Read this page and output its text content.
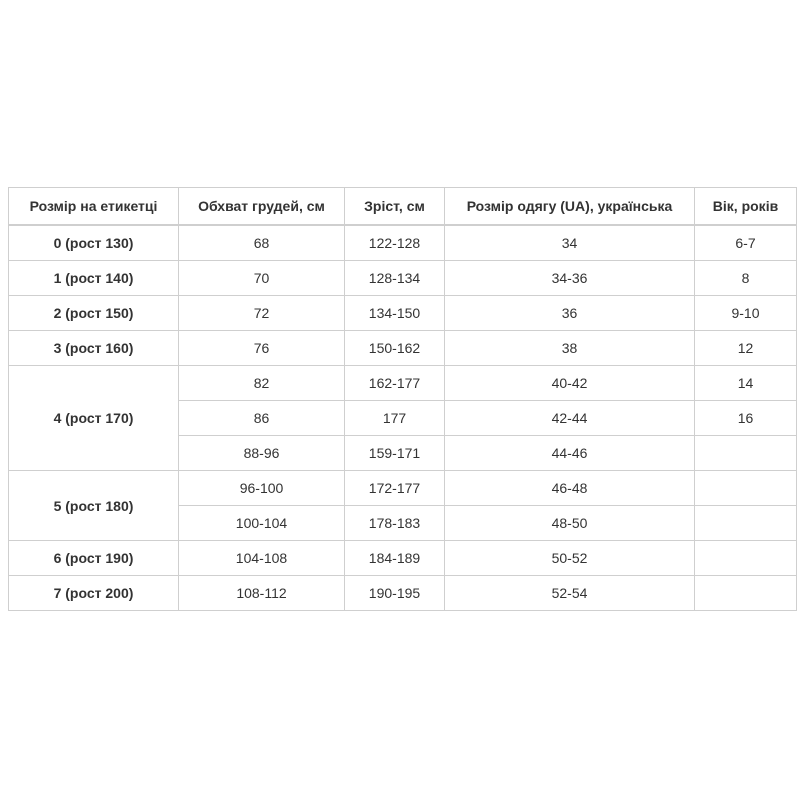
Розмір на етикетці	Обхват грудей, см	Зріст, см	Розмір одягу (UA), українська	Вік, років
0 (рост 130)	68	122-128	34	6-7
1 (рост 140)	70	128-134	34-36	8
2 (рост 150)	72	134-150	36	9-10
3 (рост 160)	76	150-162	38	12
4 (рост 170)	82	162-177	40-42	14
	86	177	42-44	16
	88-96	159-171	44-46	
5 (рост 180)	96-100	172-177	46-48	
	100-104	178-183	48-50	
6 (рост 190)	104-108	184-189	50-52	
7 (рост 200)	108-112	190-195	52-54	
